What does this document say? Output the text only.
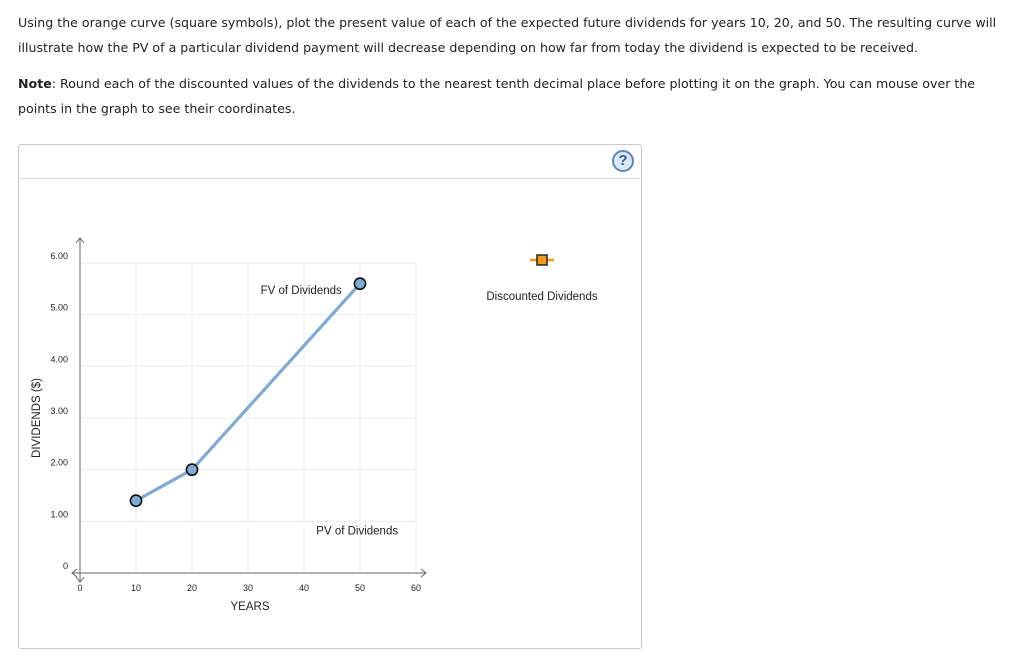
Using the orange curve (square symbols), plot the present value of each of the expected future dividends for years 10, 20, and 50. The resulting curve will illustrate how the PV of a particular dividend payment will decrease depending on how far from today the dividend is expected to be received.

Note: Round each of the discounted values of the dividends to the nearest tenth decimal place before plotting it on the graph. You can mouse over the points in the graph to see their coordinates.

?
0
1.00
2.00
3.00
4.00
5.00
6.00
0	10	20	30	40	50	60
YEARS
DIVIDENDS ($)
FV of Dividends
PV of Dividends
Discounted Dividends
